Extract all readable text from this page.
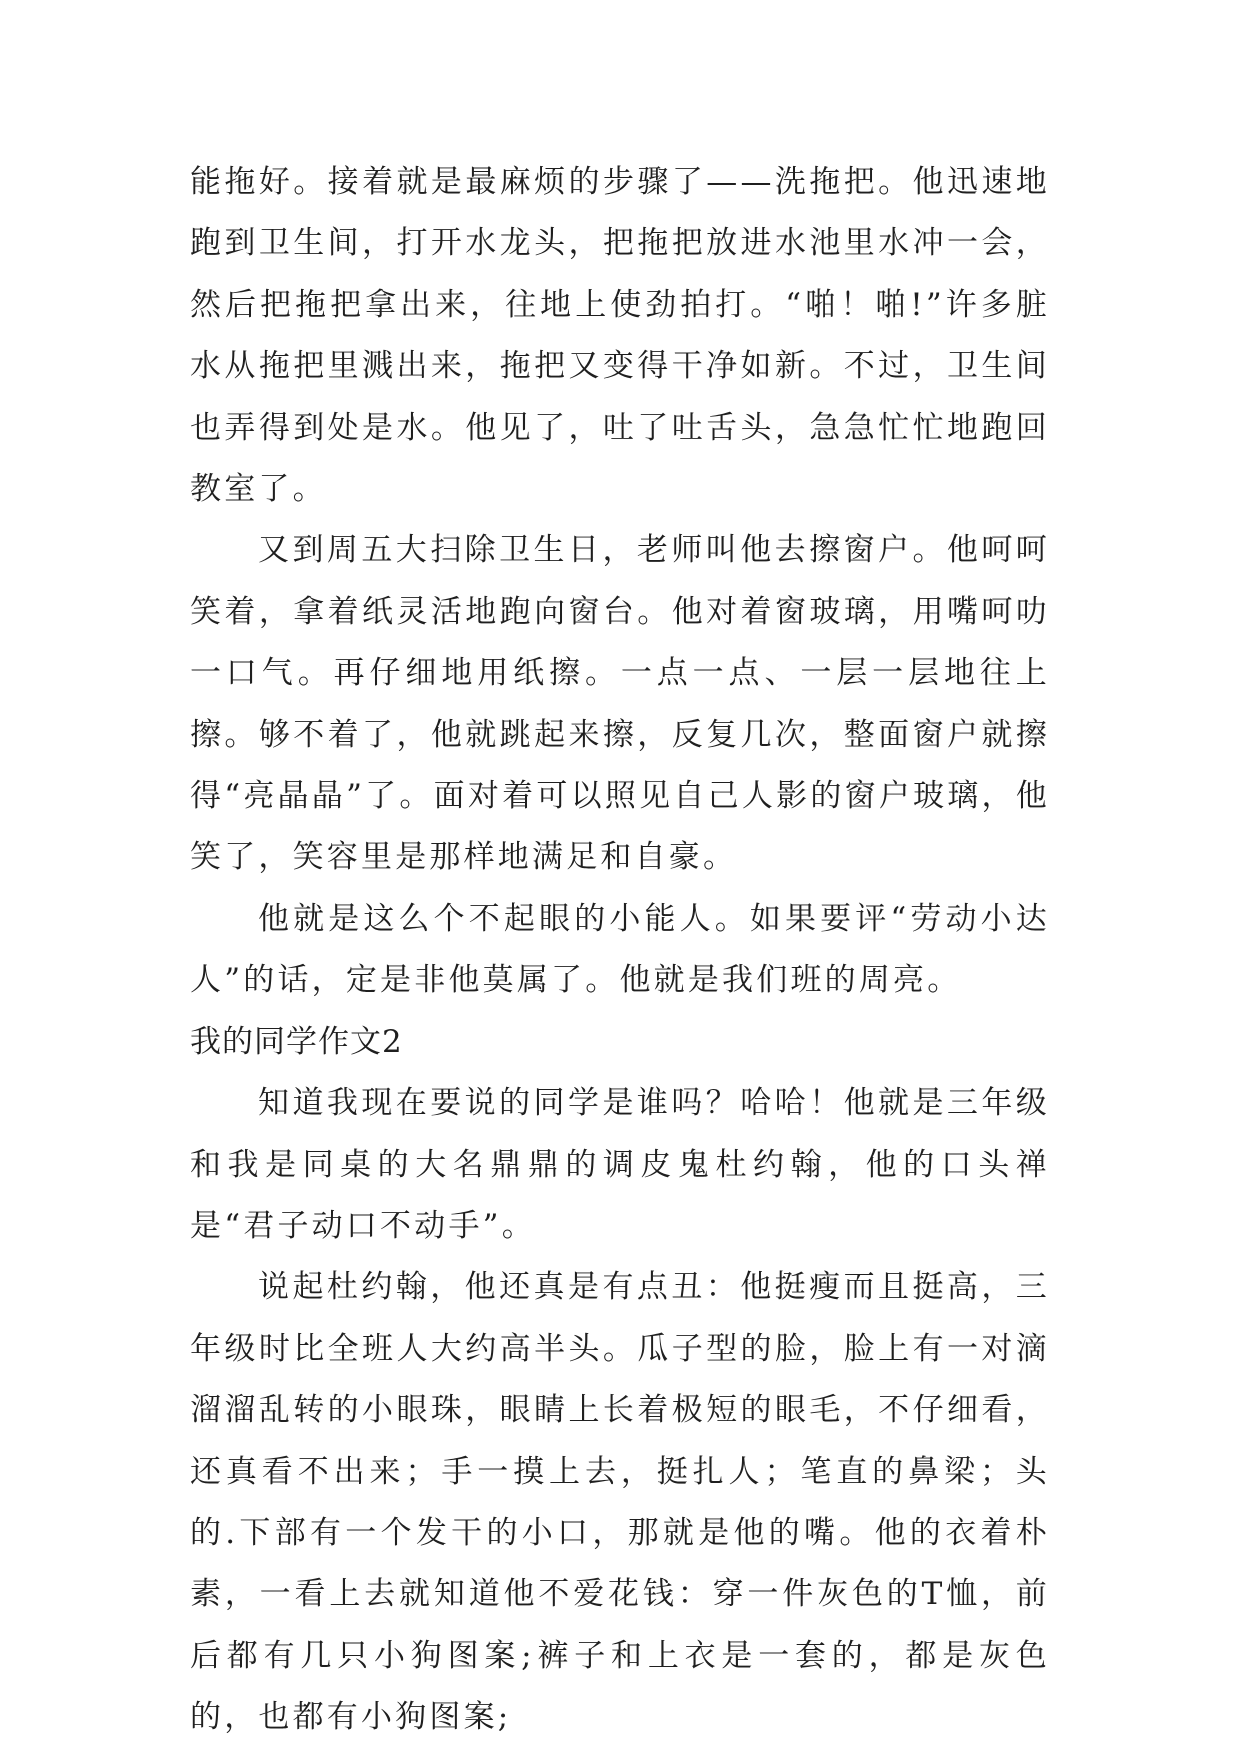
能拖好。接着就是最麻烦的步骤了——洗拖把。他迅速地跑到卫生间，打开水龙头，把拖把放进水池里水冲一会，然后把拖把拿出来，往地上使劲拍打。“啪！啪!”许多脏水从拖把里溅出来，拖把又变得干净如新。不过，卫生间也弄得到处是水。他见了，吐了吐舌头，急急忙忙地跑回教室了。

又到周五大扫除卫生日，老师叫他去擦窗户。他呵呵笑着，拿着纸灵活地跑向窗台。他对着窗玻璃，用嘴呵叻一口气。再仔细地用纸擦。一点一点、一层一层地往上擦。够不着了，他就跳起来擦，反复几次，整面窗户就擦得“亮晶晶”了。面对着可以照见自己人影的窗户玻璃，他笑了，笑容里是那样地满足和自豪。

他就是这么个不起眼的小能人。如果要评“劳动小达人”的话，定是非他莫属了。他就是我们班的周亮。

我的同学作文2

知道我现在要说的同学是谁吗？哈哈！他就是三年级和我是同桌的大名鼎鼎的调皮鬼杜约翰，他的口头禅是“君子动口不动手”。

说起杜约翰，他还真是有点丑：他挺瘦而且挺高，三年级时比全班人大约高半头。瓜子型的脸，脸上有一对滴溜溜乱转的小眼珠，眼睛上长着极短的眼毛，不仔细看，还真看不出来；手一摸上去，挺扎人；笔直的鼻梁；头的.下部有一个发干的小口，那就是他的嘴。他的衣着朴素，一看上去就知道他不爱花钱：穿一件灰色的T恤，前后都有几只小狗图案;裤子和上衣是一套的，都是灰色的，也都有小狗图案;
